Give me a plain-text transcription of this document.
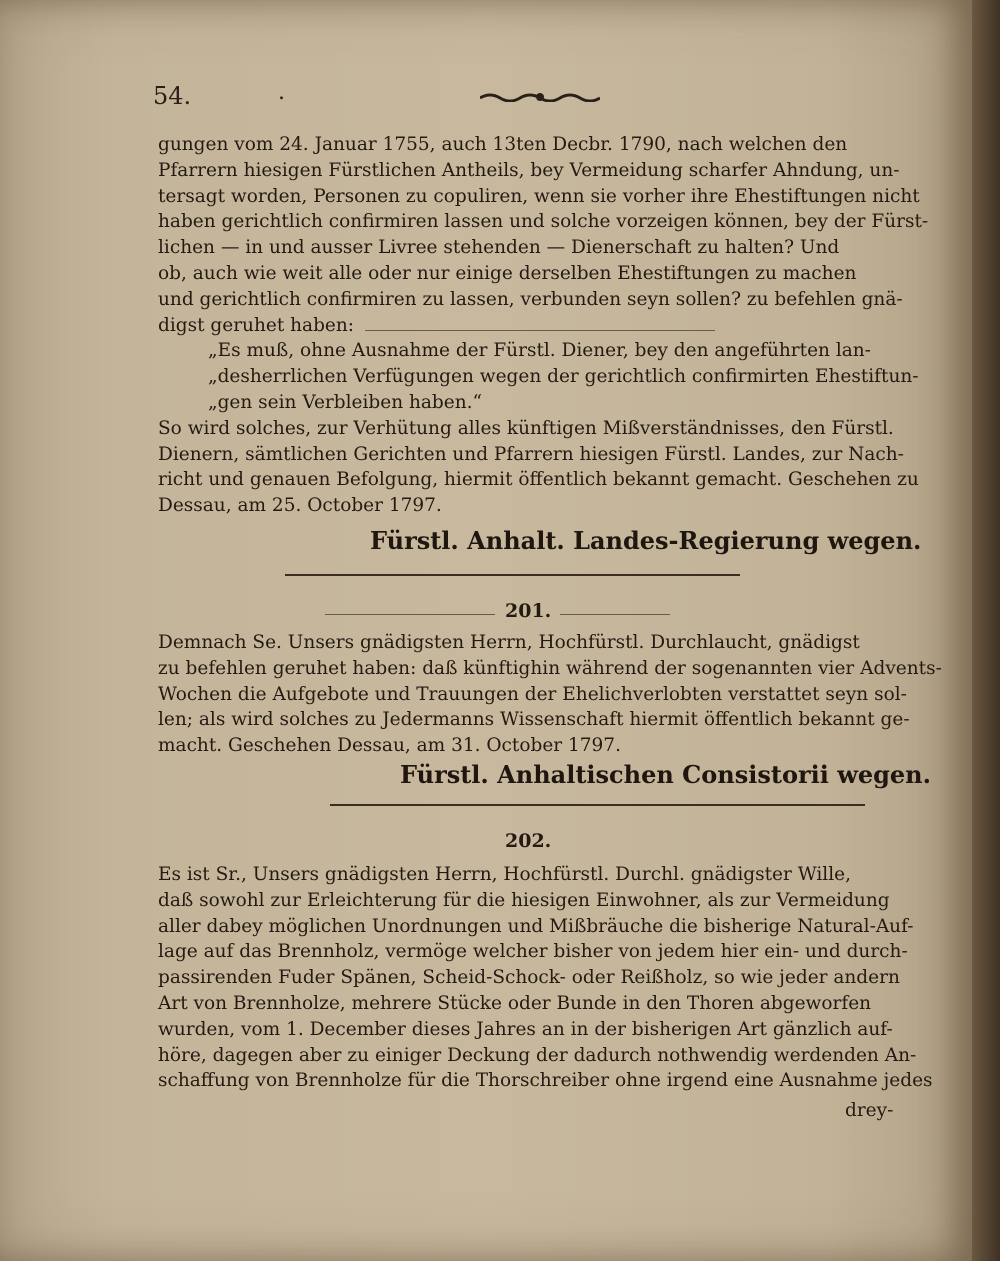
54.	.
gungen vom 24. Januar 1755, auch 13ten Decbr. 1790, nach welchen den
Pfarrern hiesigen Fürstlichen Antheils, bey Vermeidung scharfer Ahndung, un-
tersagt worden, Personen zu copuliren, wenn sie vorher ihre Ehestiftungen nicht
haben gerichtlich confirmiren lassen und solche vorzeigen können, bey der Fürst-
lichen — in und ausser Livree stehenden — Dienerschaft zu halten? Und
ob, auch wie weit alle oder nur einige derselben Ehestiftungen zu machen
und gerichtlich confirmiren zu lassen, verbunden seyn sollen? zu befehlen gnä-
digst geruhet haben:
„Es muß, ohne Ausnahme der Fürstl. Diener, bey den angeführten lan-
„desherrlichen Verfügungen wegen der gerichtlich confirmirten Ehestiftun-
„gen sein Verbleiben haben.“
So wird solches, zur Verhütung alles künftigen Mißverständnisses, den Fürstl.
Dienern, sämtlichen Gerichten und Pfarrern hiesigen Fürstl. Landes, zur Nach-
richt und genauen Befolgung, hiermit öffentlich bekannt gemacht. Geschehen zu
Dessau, am 25. October 1797.
Fürstl. Anhalt. Landes-Regierung wegen.
201.
Demnach Se. Unsers gnädigsten Herrn, Hochfürstl. Durchlaucht, gnädigst
zu befehlen geruhet haben: daß künftighin während der sogenannten vier Advents-
Wochen die Aufgebote und Trauungen der Ehelichverlobten verstattet seyn sol-
len; als wird solches zu Jedermanns Wissenschaft hiermit öffentlich bekannt ge-
macht. Geschehen Dessau, am 31. October 1797.
Fürstl. Anhaltischen Consistorii wegen.
202.
Es ist Sr., Unsers gnädigsten Herrn, Hochfürstl. Durchl. gnädigster Wille,
daß sowohl zur Erleichterung für die hiesigen Einwohner, als zur Vermeidung
aller dabey möglichen Unordnungen und Mißbräuche die bisherige Natural-Auf-
lage auf das Brennholz, vermöge welcher bisher von jedem hier ein- und durch-
passirenden Fuder Spänen, Scheid-Schock- oder Reißholz, so wie jeder andern
Art von Brennholze, mehrere Stücke oder Bunde in den Thoren abgeworfen
wurden, vom 1. December dieses Jahres an in der bisherigen Art gänzlich auf-
höre, dagegen aber zu einiger Deckung der dadurch nothwendig werdenden An-
schaffung von Brennholze für die Thorschreiber ohne irgend eine Ausnahme jedes
drey-
